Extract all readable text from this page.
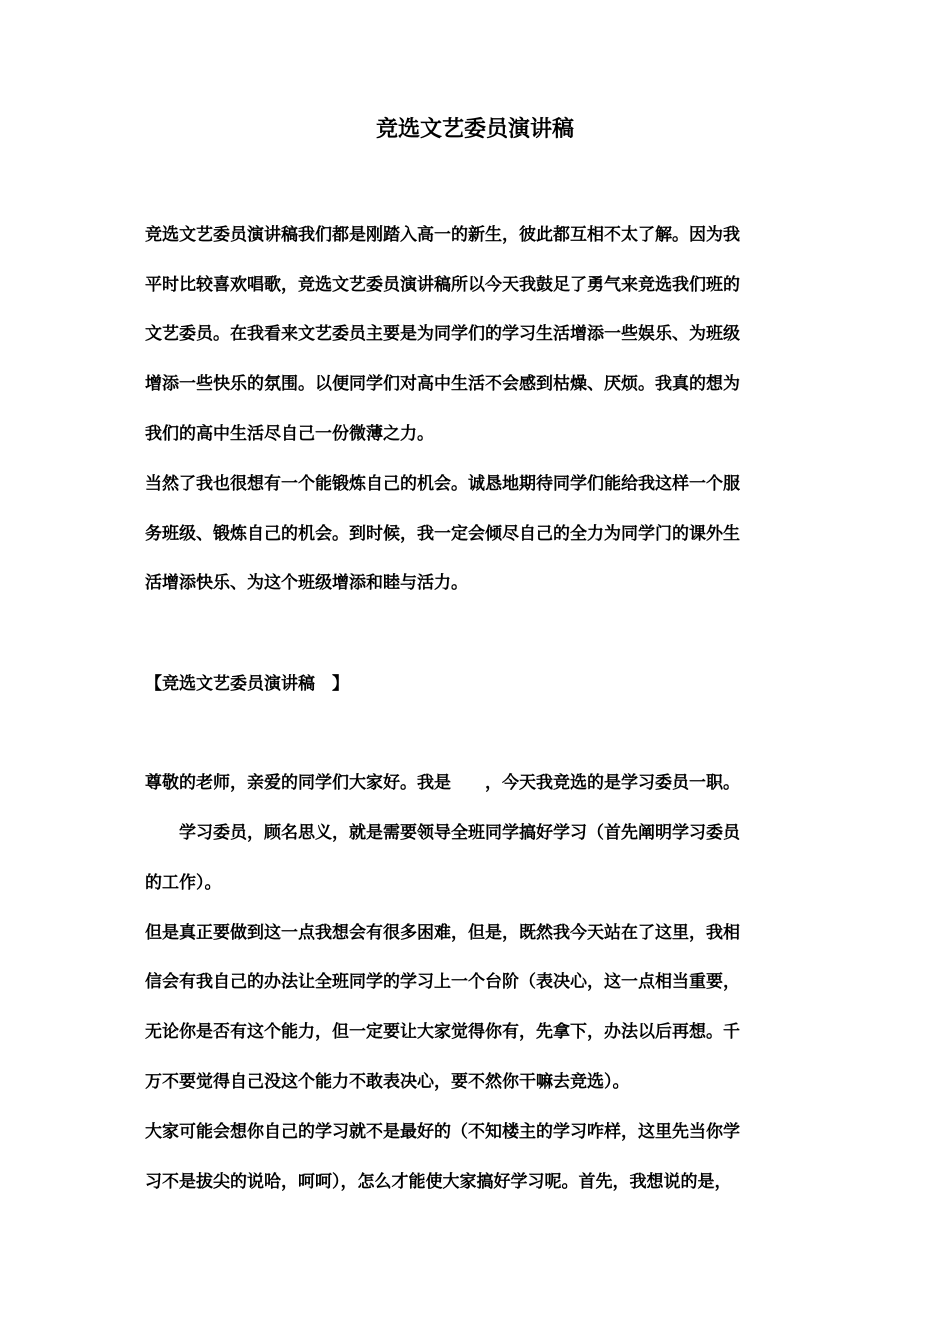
竞选文艺委员演讲稿

竞选文艺委员演讲稿我们都是刚踏入高一的新生，彼此都互相不太了解。因为我

平时比较喜欢唱歌，竞选文艺委员演讲稿所以今天我鼓足了勇气来竞选我们班的

文艺委员。在我看来文艺委员主要是为同学们的学习生活增添一些娱乐、为班级

增添一些快乐的氛围。以便同学们对高中生活不会感到枯燥、厌烦。我真的想为

我们的高中生活尽自己一份微薄之力。

当然了我也很想有一个能锻炼自己的机会。诚恳地期待同学们能给我这样一个服

务班级、锻炼自己的机会。到时候，我一定会倾尽自己的全力为同学门的课外生

活增添快乐、为这个班级增添和睦与活力。

【竞选文艺委员演讲稿　】

尊敬的老师，亲爱的同学们大家好。我是　　，今天我竞选的是学习委员一职。

　　学习委员，顾名思义，就是需要领导全班同学搞好学习（首先阐明学习委员

的工作）。

但是真正要做到这一点我想会有很多困难，但是，既然我今天站在了这里，我相

信会有我自己的办法让全班同学的学习上一个台阶（表决心，这一点相当重要，

无论你是否有这个能力，但一定要让大家觉得你有，先拿下，办法以后再想。千

万不要觉得自己没这个能力不敢表决心，要不然你干嘛去竞选）。

大家可能会想你自己的学习就不是最好的（不知楼主的学习咋样，这里先当你学

习不是拔尖的说哈，呵呵），怎么才能使大家搞好学习呢。首先，我想说的是，
